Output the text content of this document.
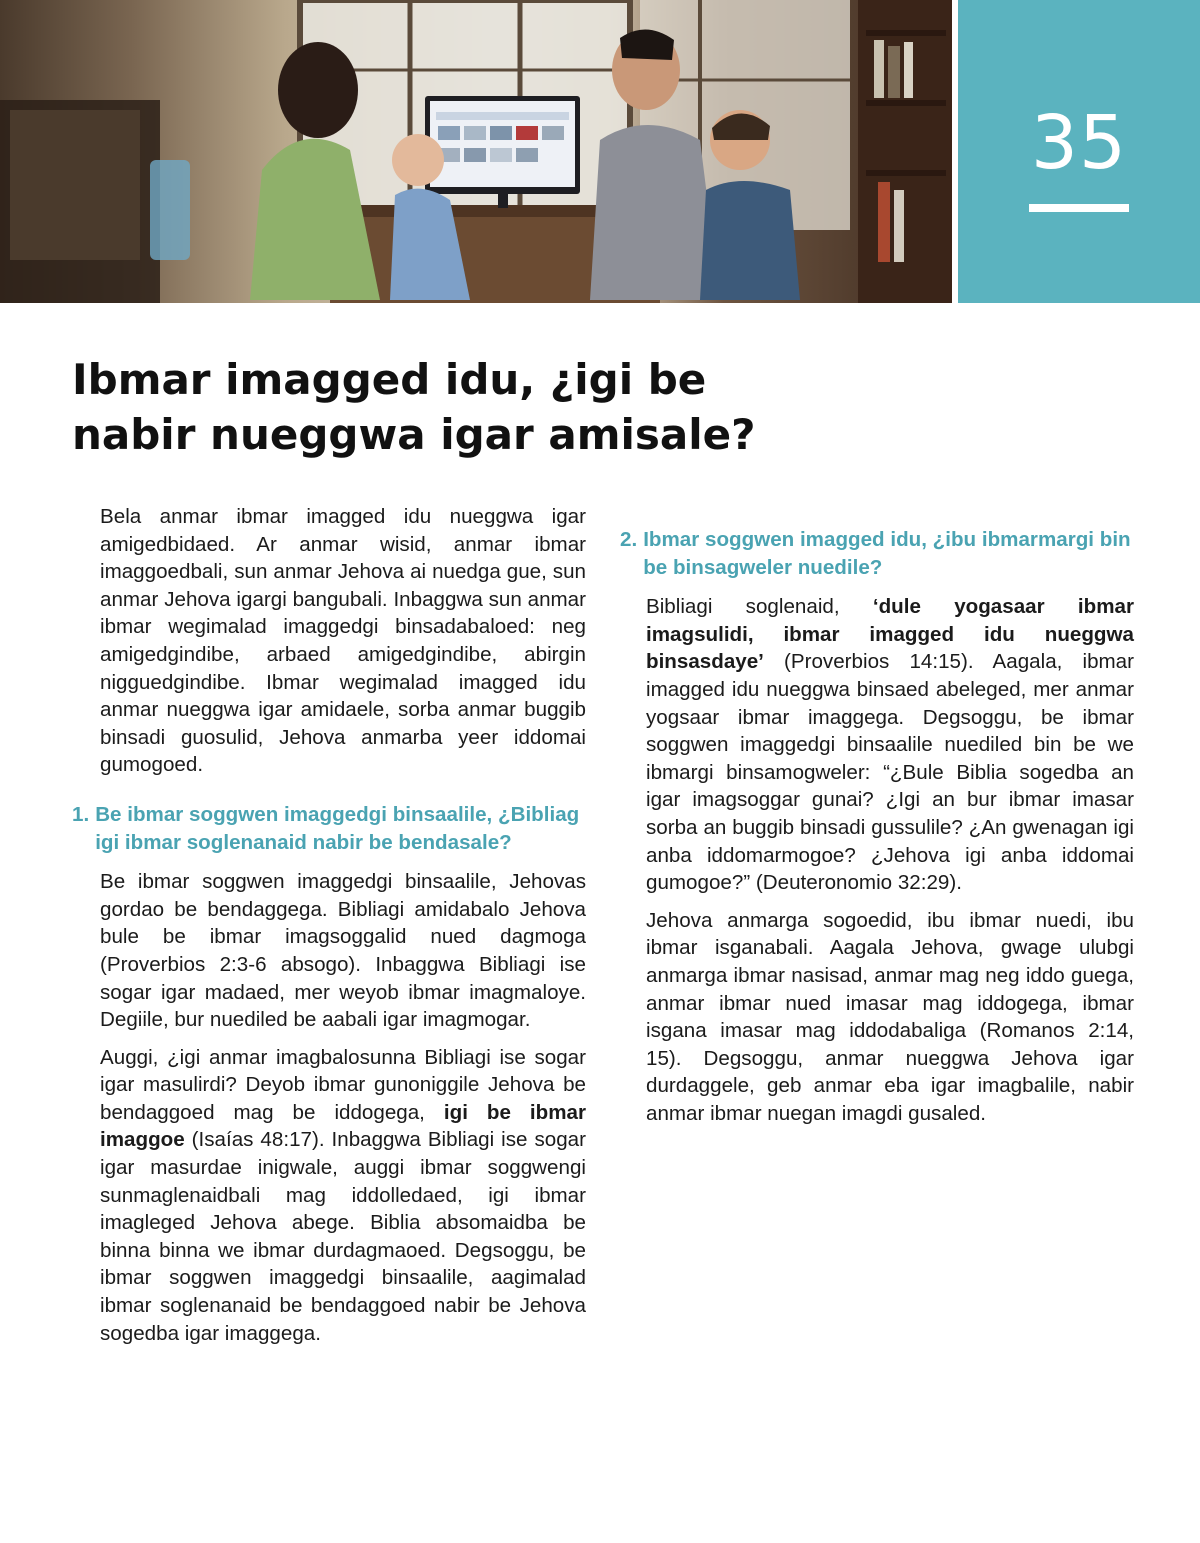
35
Ibmar imagged idu, ¿igi be
nabir nueggwa igar amisale?

Bela anmar ibmar imagged idu nueggwa igar amigedbidaed. Ar anmar wisid, anmar ibmar imaggoedbali, sun anmar Jehova ai nuedga gue, sun anmar Jehova igargi bangubali. Inbaggwa sun anmar ibmar wegimalad imaggedgi binsadabaloed: neg amigedgindibe, arbaed amigedgindibe, abirgin nigguedgindibe. Ibmar wegimalad imagged idu anmar nueggwa igar amidaele, sorba anmar buggib binsadi guosulid, Jehova anmarba yeer iddomai gumogoed.

1. Be ibmar soggwen imaggedgi binsaalile, ¿Bibliag igi ibmar soglenanaid nabir be bendasale?

Be ibmar soggwen imaggedgi binsaalile, Jehovas gordao be bendaggega. Bibliagi amidabalo Jehova bule be ibmar imagsoggalid nued dagmoga (Proverbios 2:3-6 absogo). Inbaggwa Bibliagi ise sogar igar madaed, mer weyob ibmar imagmaloye. Degiile, bur nuediled be aabali igar imagmogar.

Auggi, ¿igi anmar imagbalosunna Bibliagi ise sogar igar masulirdi? Deyob ibmar gunoniggile Jehova be bendaggoed mag be iddogega, igi be ibmar imaggoe (Isaías 48:17). Inbaggwa Bibliagi ise sogar igar masurdae inigwale, auggi ibmar soggwengi sunmaglenaidbali mag iddolledaed, igi ibmar imagleged Jehova abege. Biblia absomaidba be binna binna we ibmar durdagmaoed. Degsoggu, be ibmar soggwen imaggedgi binsaalile, aagimalad ibmar soglenanaid be bendaggoed nabir be Jehova sogedba igar imaggega.

2. Ibmar soggwen imagged idu, ¿ibu ibmarmargi bin be binsagweler nuedile?

Bibliagi soglenaid, ‘dule yogasaar ibmar imagsulidi, ibmar imagged idu nueggwa binsasdaye’ (Proverbios 14:15). Aagala, ibmar imagged idu nueggwa binsaed abeleged, mer anmar yogsaar ibmar imaggega. Degsoggu, be ibmar soggwen imaggedgi binsaalile nuediled bin be we ibmargi binsamogweler: “¿Bule Biblia sogedba an igar imagsoggar gunai? ¿Igi an bur ibmar imasar sorba an buggib binsadi gussulile? ¿An gwenagan igi anba iddomarmogoe? ¿Jehova igi anba iddomai gumogoe?” (Deuteronomio 32:29).

Jehova anmarga sogoedid, ibu ibmar nuedi, ibu ibmar isganabali. Aagala Jehova, gwage ulubgi anmarga ibmar nasisad, anmar mag neg iddo guega, anmar ibmar nued imasar mag iddogega, ibmar isgana imasar mag iddodabaliga (Romanos 2:14, 15). Degsoggu, anmar nueggwa Jehova igar durdaggele, geb anmar eba igar imagbalile, nabir anmar ibmar nuegan imagdi gusaled.
